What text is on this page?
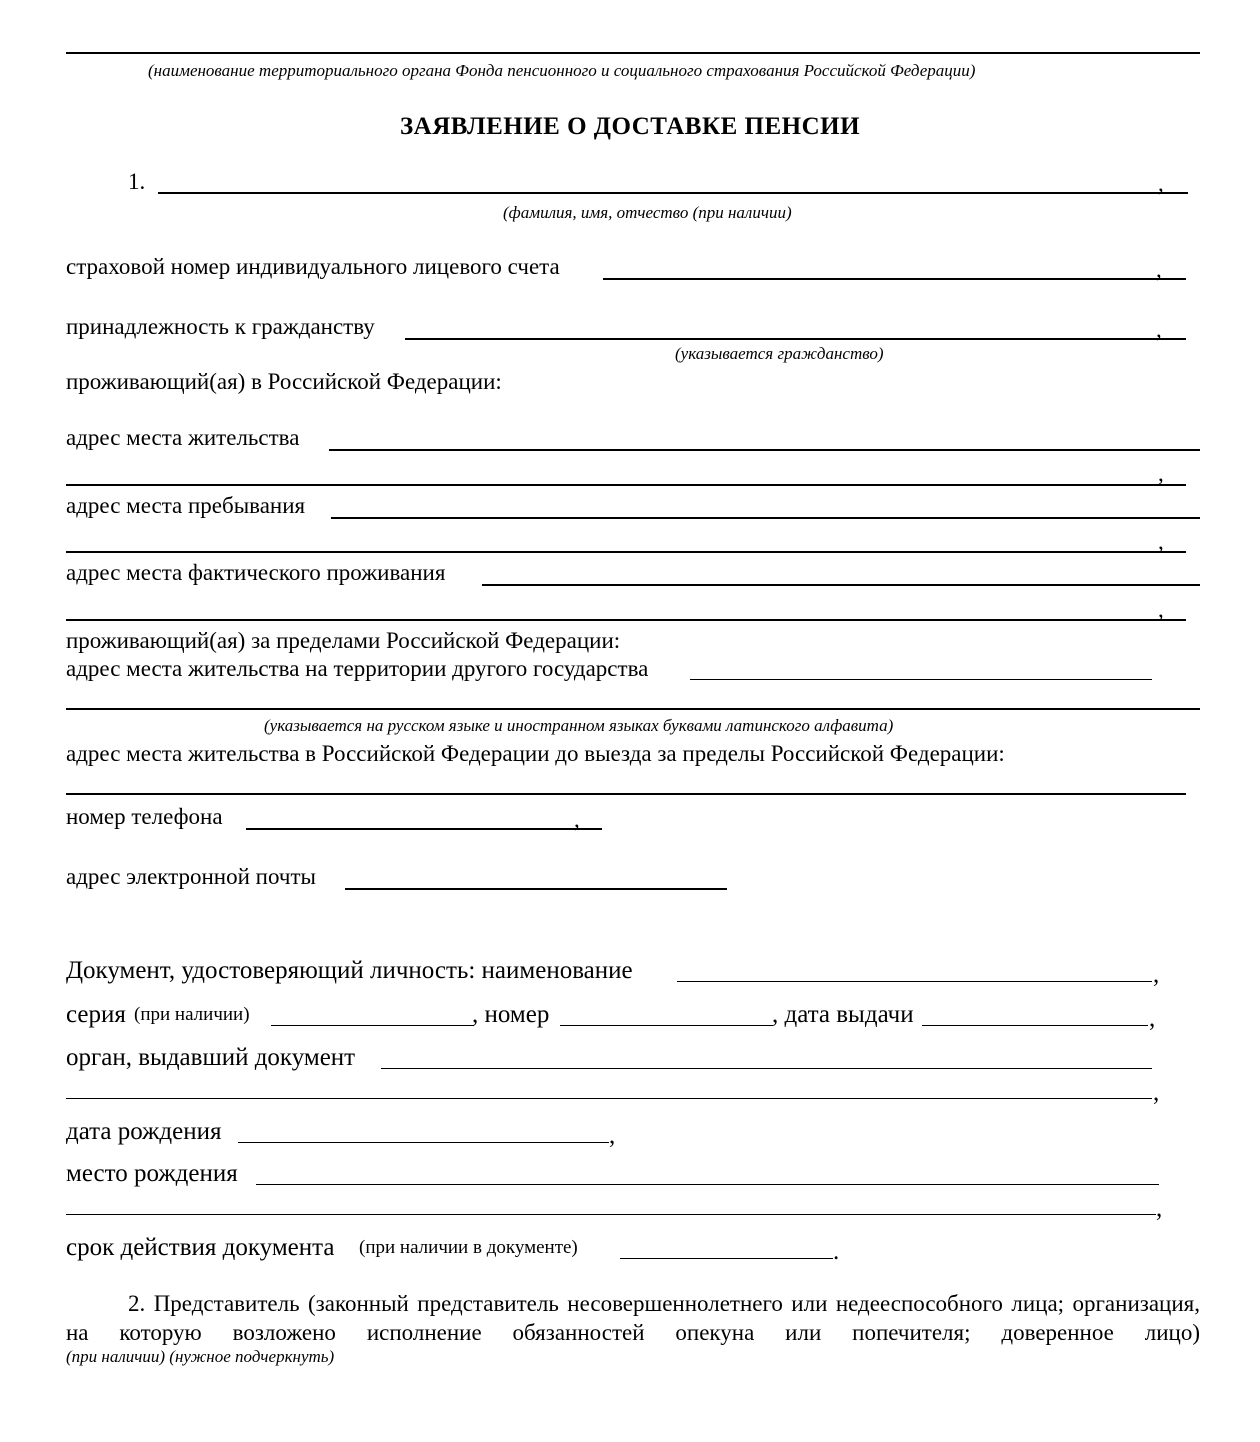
(наименование территориального органа Фонда пенсионного и социального страхования Российской Федерации)
ЗАЯВЛЕНИЕ О ДОСТАВКЕ ПЕНСИИ
1.	,
(фамилия, имя, отчество (при наличии)
страховой номер индивидуального лицевого счета	,
принадлежность к гражданству	,
(указывается гражданство)
проживающий(ая) в Российской Федерации:
адрес места жительства
,
адрес места пребывания
,
адрес места фактического проживания
,
проживающий(ая) за пределами Российской Федерации:
адрес места жительства на территории другого государства
(указывается на русском языке и иностранном языках буквами латинского алфавита)
адрес места жительства в Российской Федерации до выезда за пределы Российской Федерации:
номер телефона	,
адрес электронной почты
Документ, удостоверяющий личность: наименование	,
серия (при наличии)	, номер	, дата выдачи	,
орган, выдавший документ
,
дата рождения	,
место рождения
,
срок действия документа (при наличии в документе)	.
2. Представитель (законный представитель несовершеннолетнего или недееспособного лица; организация, на которую возложено исполнение обязанностей опекуна или попечителя; доверенное лицо)
(при наличии) (нужное подчеркнуть)
